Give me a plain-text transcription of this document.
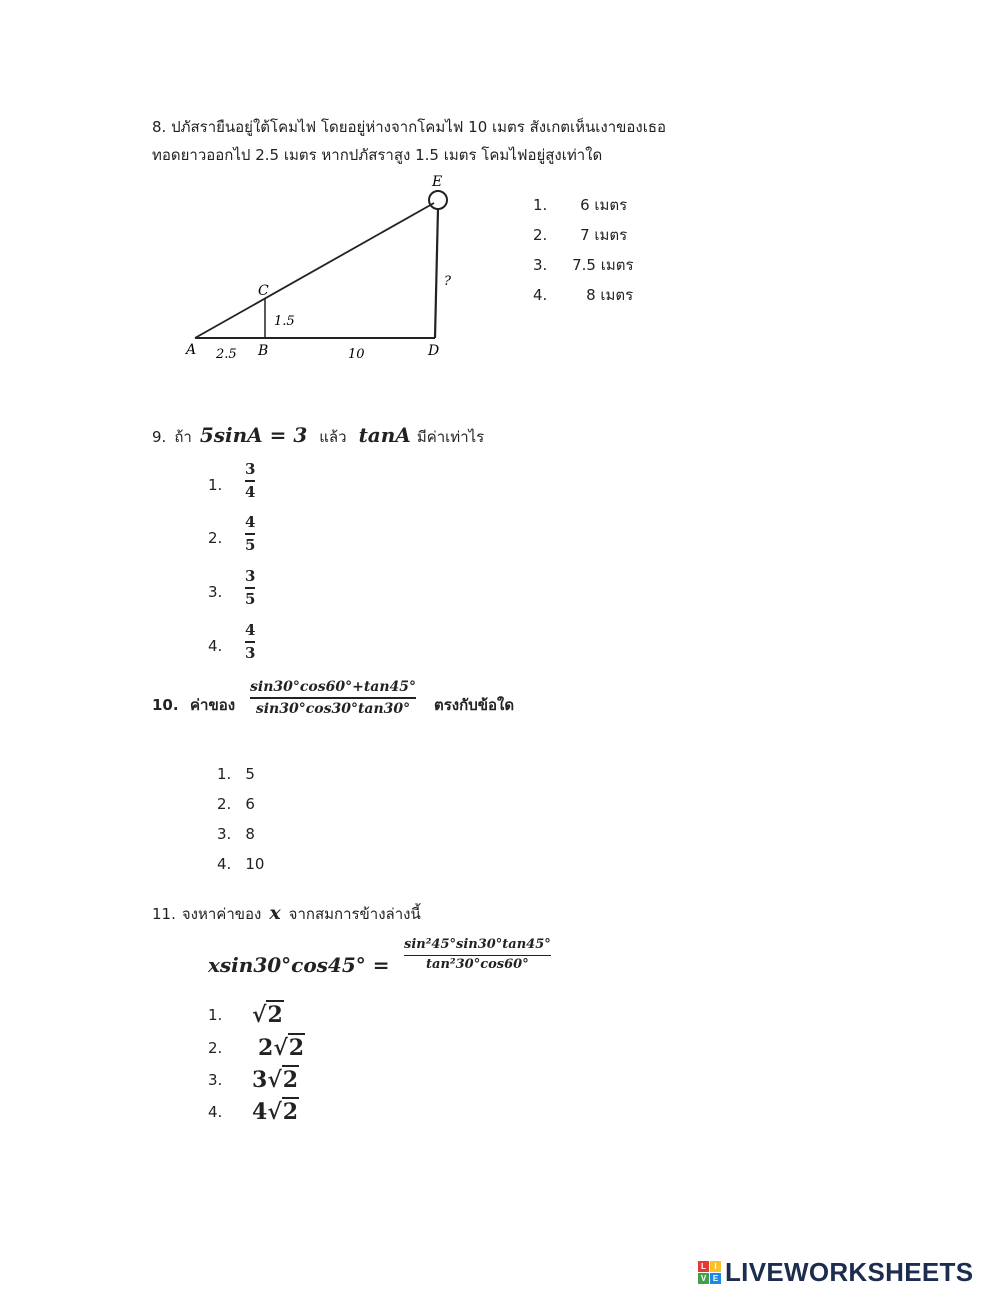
8. ปภัสรายืนอยู่ใต้โคมไฟ โดยอยู่ห่างจากโคมไฟ 10 เมตร สังเกตเห็นเงาของเธอ
ทอดยาวออกไป 2.5 เมตร หากปภัสราสูง 1.5 เมตร โคมไฟอยู่สูงเท่าใด
E
C
A	B	D
2.5	10
1.5
?
1. 6 เมตร
2. 7 เมตร
3. 7.5 เมตร
4.	8 เมตร
9. ถ้า 5sinA = 3 แล้ว tanA มีค่าเท่าไร
1.
3
4
2.
4
5
3.
3
5
4.
4
3
10. ค่าของ
sin30°cos60°+tan45°
sin30°cos30°tan30° ตรงกับข้อใด
1. 5
2. 6
3. 8
4. 10
11. จงหาค่าของ x จากสมการข้างล่างนี้
xsin30°cos45° =
sin²45°sin30°tan45°
tan²30°cos60°
1.	√2
2.	2√2
3.	3√2
4.	4√2
L	I
V E LIVEWORKSHEETS
